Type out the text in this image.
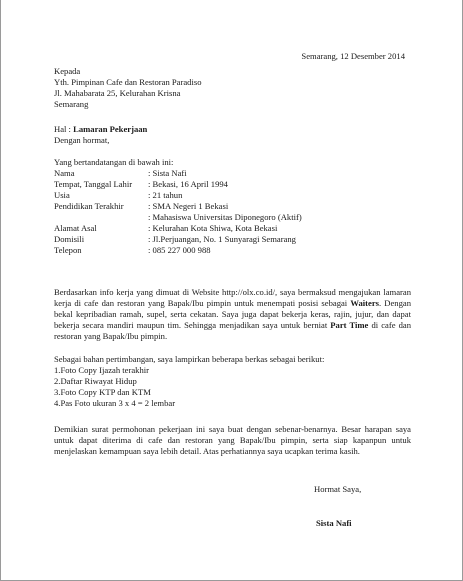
Semarang, 12 Desember 2014
Kepada
Yth. Pimpinan Cafe dan Restoran Paradiso
Jl. Mahabarata 25, Kelurahan Krisna
Semarang
Hal : Lamaran Pekerjaan
Dengan hormat,
Yang bertandatangan di bawah ini:
Nama	: Sista Nafi
Tempat, Tanggal Lahir	: Bekasi, 16 April 1994
Usia	: 21 tahun
Pendidikan Terakhir	: SMA Negeri 1 Bekasi
	: Mahasiswa Universitas Diponegoro (Aktif)
Alamat Asal	: Kelurahan Kota Shiwa, Kota Bekasi
Domisili	: Jl.Perjuangan, No. 1 Sunyaragi Semarang
Telepon	: 085 227 000 988
Berdasarkan info kerja yang dimuat di Website http://olx.co.id/, saya bermaksud mengajukan lamaran kerja di cafe dan restoran yang Bapak/Ibu pimpin untuk menempati posisi sebagai Waiters. Dengan bekal kepribadian ramah, supel, serta cekatan. Saya juga dapat bekerja keras, rajin, jujur, dan dapat bekerja secara mandiri maupun tim. Sehingga menjadikan saya untuk berniat Part Time di cafe dan restoran yang Bapak/Ibu pimpin.
Sebagai bahan pertimbangan, saya lampirkan beberapa berkas sebagai berikut:
1.Foto Copy Ijazah terakhir
2.Daftar Riwayat Hidup
3.Foto Copy KTP dan KTM
4.Pas Foto ukuran 3 x 4 = 2 lembar
Demikian surat permohonan pekerjaan ini saya buat dengan sebenar-benarnya. Besar harapan saya untuk dapat diterima di cafe dan restoran yang Bapak/Ibu pimpin, serta siap kapanpun untuk menjelaskan kemampuan saya lebih detail. Atas perhatiannya saya ucapkan terima kasih.
Hormat Saya,
Sista Nafi
